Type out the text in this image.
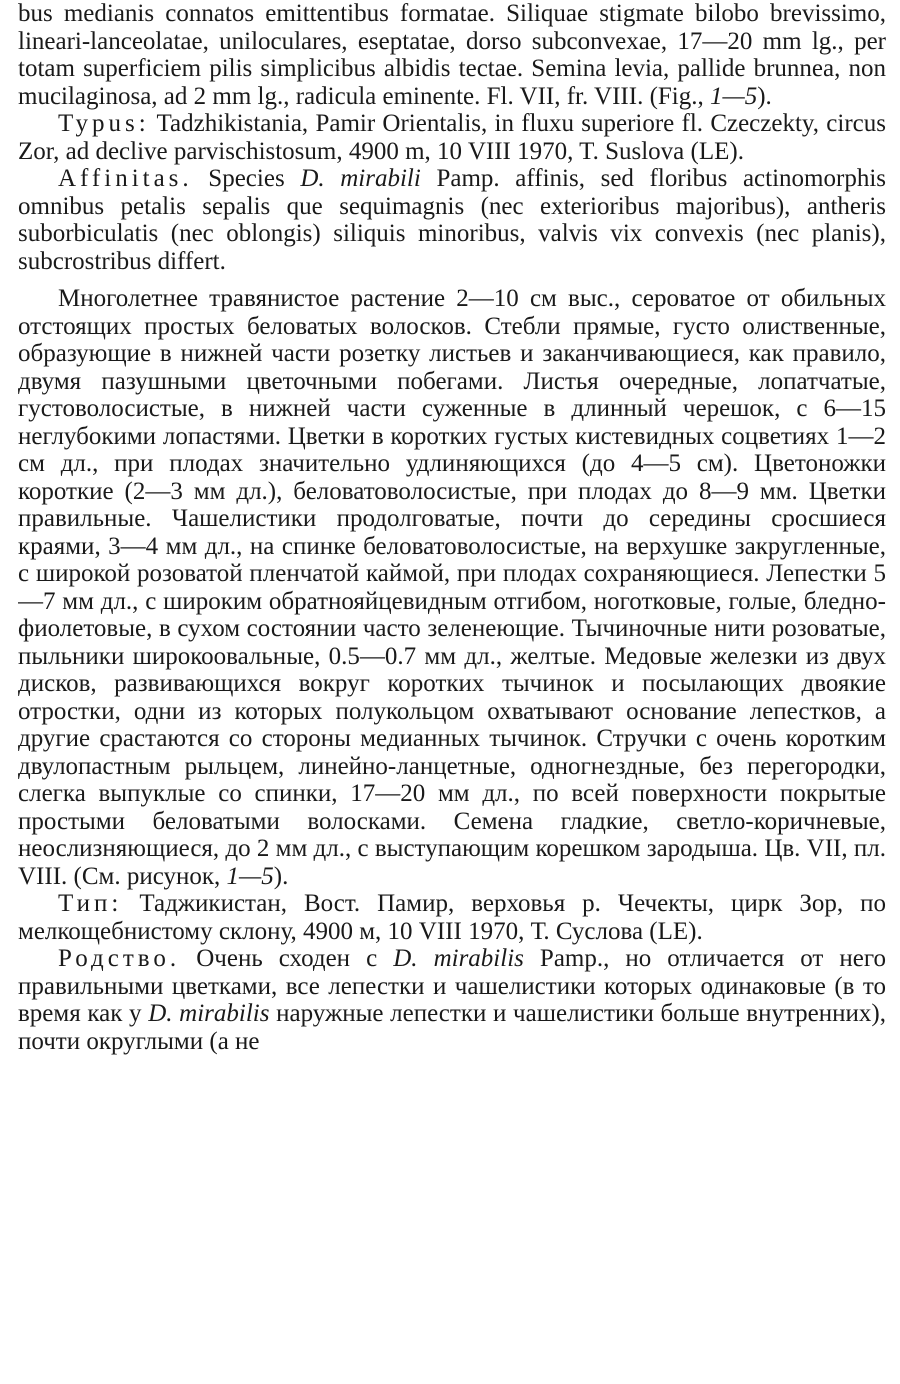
bus medianis connatos emittentibus formatae. Siliquae stigmate bilobo brevissimo, lineari-lanceolatae, uniloculares, eseptatae, dorso subconvexae, 17—20 mm lg., per totam superficiem pilis simplicibus albidis tectae. Semina levia, pallide brunnea, non mucilaginosa, ad 2 mm lg., radicula eminente. Fl. VII, fr. VIII. (Fig., 1—5).

Typus: Tadzhikistania, Pamir Orientalis, in fluxu superiore fl. Czeczekty, circus Zor, ad declive parvischistosum, 4900 m, 10 VIII 1970, T. Suslova (LE).

Affinitas. Species D. mirabili Pamp. affinis, sed floribus actinomorphis omnibus petalis sepalis que sequimagnis (nec exterioribus majoribus), antheris suborbiculatis (nec oblongis) siliquis minoribus, valvis vix convexis (nec planis), subcrostribus differt.

Многолетнее травянистое растение 2—10 см выс., сероватое от обильных отстоящих простых беловатых волосков. Стебли прямые, густо олиственные, образующие в нижней части розетку листьев и заканчивающиеся, как правило, двумя пазушными цветочными побегами. Листья очередные, лопатчатые, густоволосистые, в нижней части суженные в длинный черешок, с 6—15 неглубокими лопастями. Цветки в коротких густых кистевидных соцветиях 1—2 см дл., при плодах значительно удлиняющихся (до 4—5 см). Цветоножки короткие (2—3 мм дл.), беловатоволосистые, при плодах до 8—9 мм. Цветки правильные. Чашелистики продолговатые, почти до середины сросшиеся краями, 3—4 мм дл., на спинке беловатоволосистые, на верхушке закругленные, с широкой розоватой пленчатой каймой, при плодах сохраняющиеся. Лепестки 5—7 мм дл., с широким обратнояйцевидным отгибом, ноготковые, голые, бледно-фиолетовые, в сухом состоянии часто зеленеющие. Тычиночные нити розоватые, пыльники широкоовальные, 0.5—0.7 мм дл., желтые. Медовые железки из двух дисков, развивающихся вокруг коротких тычинок и посылающих двоякие отростки, одни из которых полукольцом охватывают основание лепестков, а другие срастаются со стороны медианных тычинок. Стручки с очень коротким двулопастным рыльцем, линейно-ланцетные, одногнездные, без перегородки, слегка выпуклые со спинки, 17—20 мм дл., по всей поверхности покрытые простыми беловатыми волосками. Семена гладкие, светло-коричневые, неослизняющиеся, до 2 мм дл., с выступающим корешком зародыша. Цв. VII, пл. VIII. (См. рисунок, 1—5).

Тип: Таджикистан, Вост. Памир, верховья р. Чечекты, цирк Зор, по мелкощебнистому склону, 4900 м, 10 VIII 1970, Т. Суслова (LE).

Родство. Очень сходен с D. mirabilis Pamp., но отличается от него правильными цветками, все лепестки и чашелистики которых одинаковые (в то время как у D. mirabilis наружные лепестки и чашелистики больше внутренних), почти округлыми (а не
